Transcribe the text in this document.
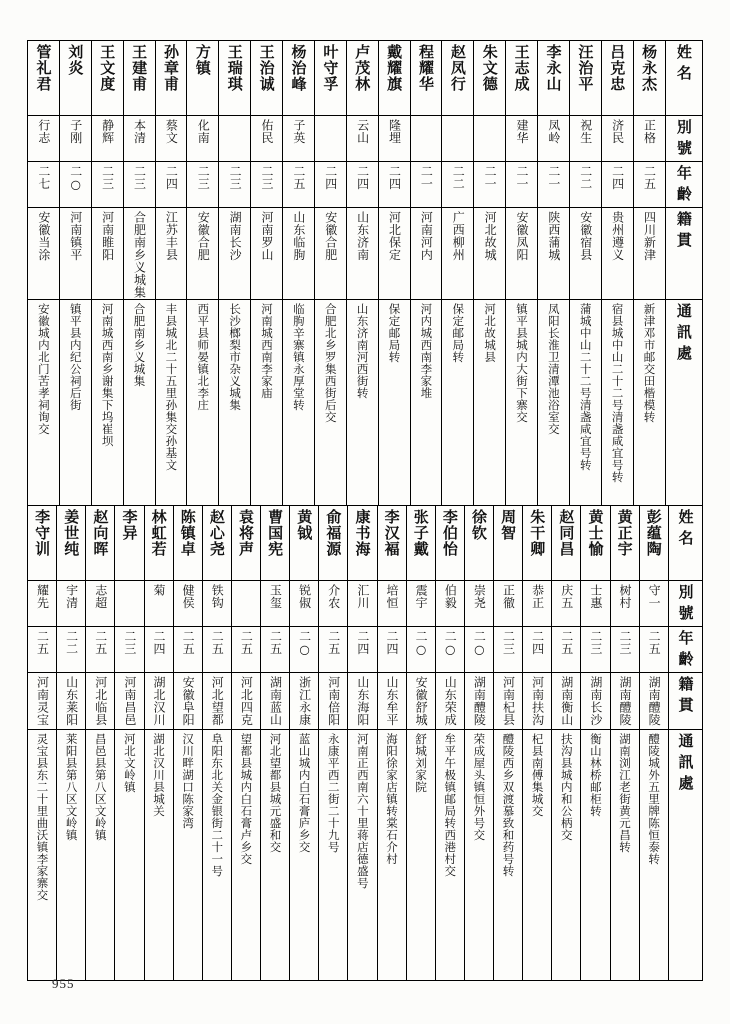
管礼君	刘炎	王文度	王建甫	孙章甫	方镇	王瑞琪	王治诚	杨治峰	叶守孚	卢茂林	戴耀旗	程耀华	赵凤行	朱文德	王志成	李永山	汪治平	吕克忠	杨永杰	姓名

行志	子刚	静辉	本清	蔡文	化南		佑民	子英		云山	隆埋				建华	凤岭	祝生	济民	正格	別號

二七	二○	二三	二三	二四	二三	二三	二三	二五	二四	二四	二四	二一	二二	二一	二一	二一	二二	二四	二五	年齡

安徽当涂	河南镇平	河南睢阳	合肥南乡义城集	江苏丰县	安徽合肥	湖南长沙	河南罗山	山东临朐	安徽合肥	山东济南	河北保定	河南河内	广西柳州	河北故城	安徽凤阳	陕西蒲城	安徽宿县	贵州遵义	四川新津	籍貫

安徽城内北门苦孝祠询交	镇平县内纪公祠后街	河南城西南乡谢集下坞崔坝	合肥南乡义城集	丰县城北二十五里孙集交孙基文	西平县师晏镇北李庄	长沙榔梨市杂义城集	河南城西南李家庙	临朐辛寨镇永厚堂转	合肥北乡罗集西街后交	山东济南河西街转	保定邮局转	河内城西南李家堆	保定邮局转	河北故城县	镇平县城内大街下寨交	凤阳长淮卫清潭池浴室交	蒲城中山二十二号清盏咸宜号转	宿县城中山二十二号清盏咸宜号转	新津邓市邮交田楷模转	通訊處
李守训	姜世纯	赵向晖	李异	林虹若	陈镇卓	赵心尧	袁将声	曹国宪	黄钺	俞福源	康书海	李汉褔	张子戴	李伯怡	徐钦	周智	朱干卿	赵同昌	黄士愉	黄正宇	彭蕴陶	姓名

耀先	宇清	志超		菊	健侯	铁钩		玉玺	锐俶	介农	汇川	培恒	震宇	伯毅	崇尧	正徹	恭正	庆五	士惠	树村	守一	別號

二五	二二	二五	二三	二四	二五	二五	二五	二五	二○	二五	二四	二四	二○	二○	二○	二三	二四	二五	二三	二三	二五	年齡

河南灵宝	山东莱阳	河北临县	河南昌邑	湖北汉川	安徽阜阳	河北望都	河北四克	湖南蓝山	浙江永康	河南倍阳	山东海阳	山东牟平	安徽舒城	山东荣成	湖南醴陵	河南杞县	河南扶沟	湖南衡山	湖南长沙	湖南醴陵	湖南醴陵	籍貫

灵宝县东二十里曲沃镇李家寨交	莱阳县第八区文岭镇	昌邑县第八区文岭镇	河北文岭镇	湖北汉川县城关	汉川畔湖口陈家湾	阜阳东北关金银街二十一号	望都县城内白石膏卢乡交	河北望都县城元盛和交	蓝山城内白石膏庐乡交	永康平西二街二十九号	河南正西南六十里蒋店德盛号	海阳徐家店镇转棠石介村	舒城刘家院	牟平午极镇邮局转西港村交	荣成屋头镇恒外号交	醴陵西乡双渡慕致和药号转	杞县南傅集城交	扶沟县城内和公柄交	衡山林桥邮柜转	湖南浏江老街黄元昌转	醴陵城外五里牌陈恒泰转	通訊處
955
